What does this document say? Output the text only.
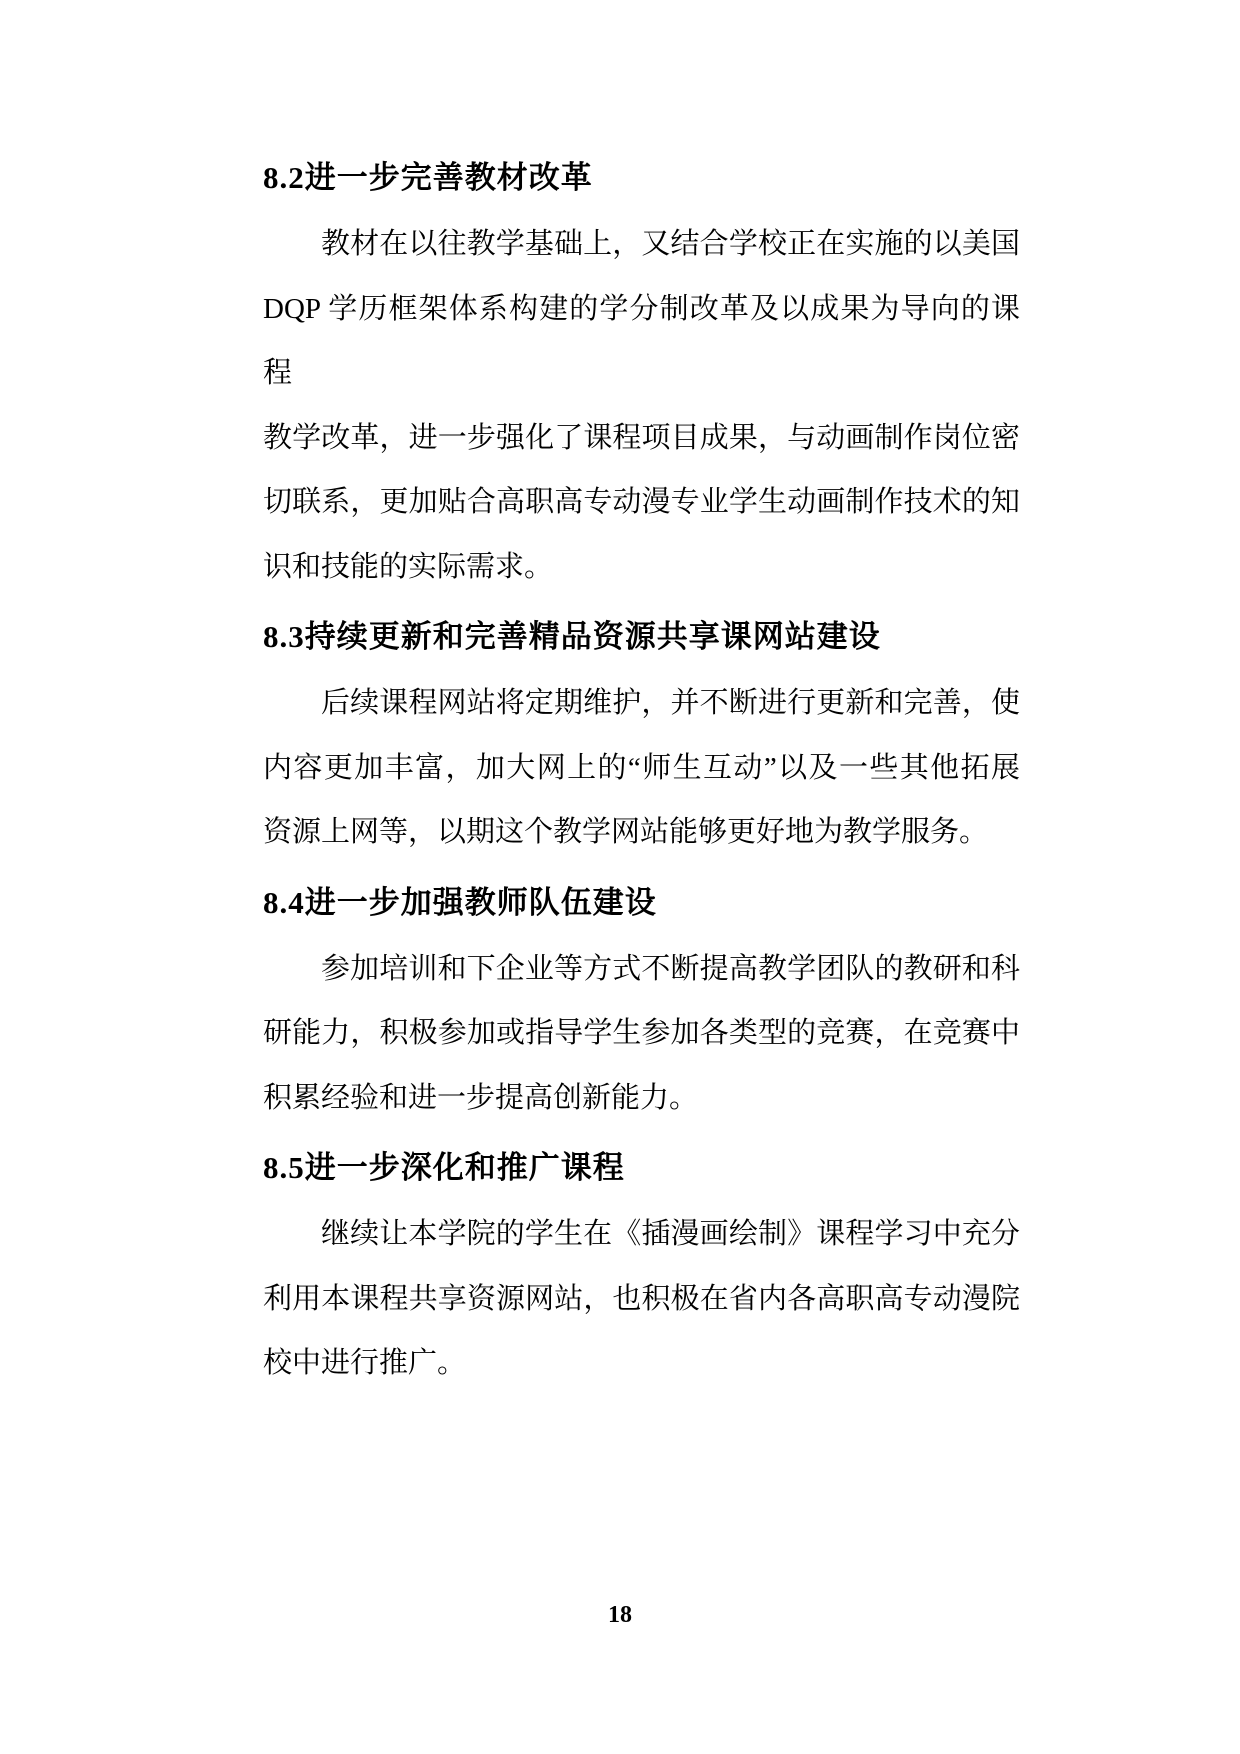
8.2进一步完善教材改革

教材在以往教学基础上，又结合学校正在实施的以美国
DQP 学历框架体系构建的学分制改革及以成果为导向的课程
教学改革，进一步强化了课程项目成果，与动画制作岗位密
切联系，更加贴合高职高专动漫专业学生动画制作技术的知
识和技能的实际需求。

8.3持续更新和完善精品资源共享课网站建设

后续课程网站将定期维护，并不断进行更新和完善，使
内容更加丰富，加大网上的“师生互动”以及一些其他拓展
资源上网等，以期这个教学网站能够更好地为教学服务。

8.4进一步加强教师队伍建设

参加培训和下企业等方式不断提高教学团队的教研和科
研能力，积极参加或指导学生参加各类型的竞赛，在竞赛中
积累经验和进一步提高创新能力。

8.5进一步深化和推广课程

继续让本学院的学生在《插漫画绘制》课程学习中充分
利用本课程共享资源网站，也积极在省内各高职高专动漫院
校中进行推广。

18
